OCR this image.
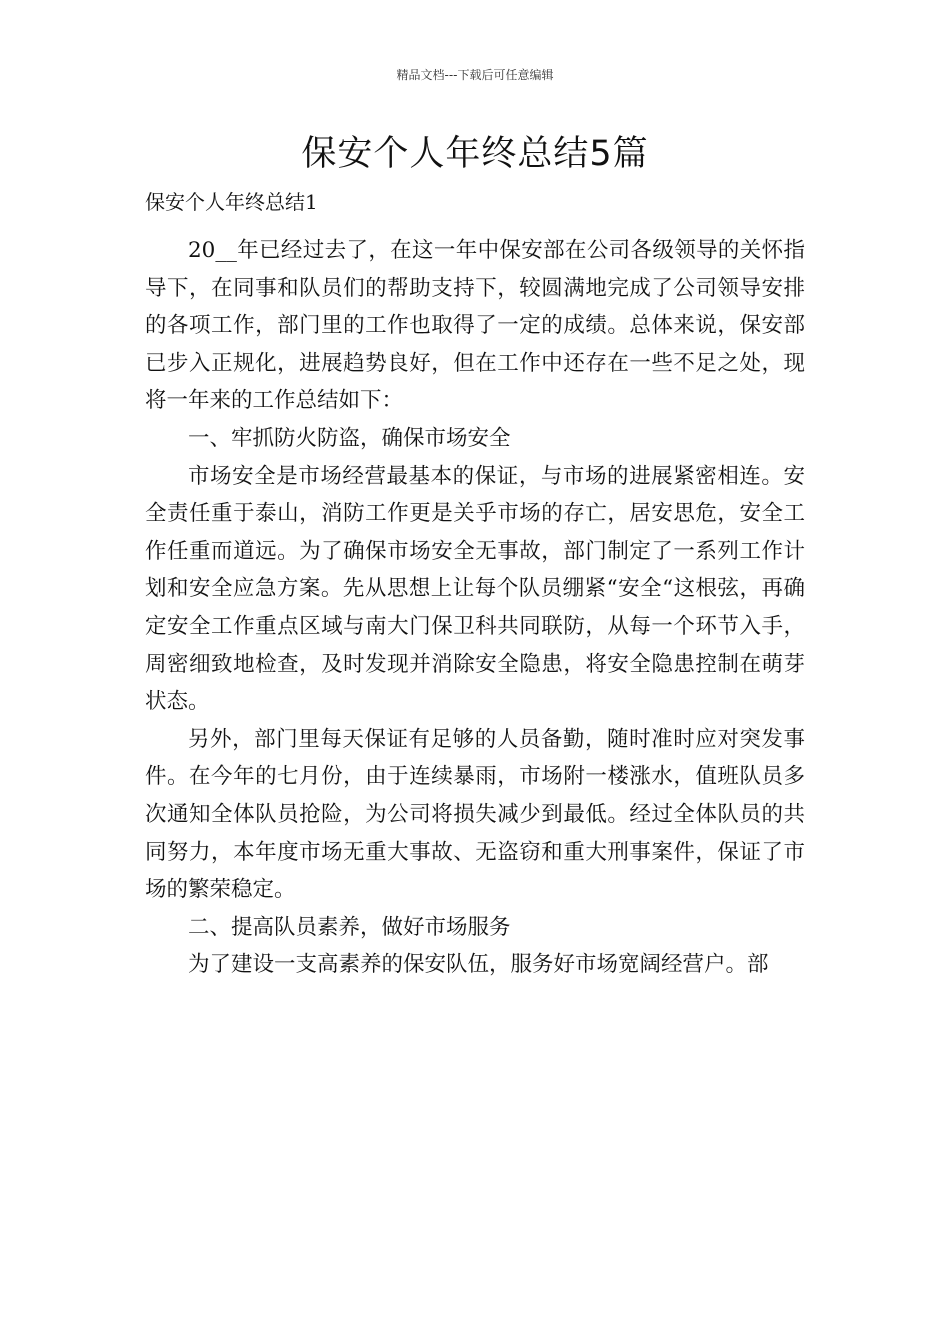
精品文档---下载后可任意编辑
保安个人年终总结5篇

保安个人年终总结1

20__年已经过去了，在这一年中保安部在公司各级领导的关怀指导下，在同事和队员们的帮助支持下，较圆满地完成了公司领导安排的各项工作，部门里的工作也取得了一定的成绩。总体来说，保安部已步入正规化，进展趋势良好，但在工作中还存在一些不足之处，现将一年来的工作总结如下：

一、牢抓防火防盗，确保市场安全

市场安全是市场经营最基本的保证，与市场的进展紧密相连。安全责任重于泰山，消防工作更是关乎市场的存亡，居安思危，安全工作任重而道远。为了确保市场安全无事故，部门制定了一系列工作计划和安全应急方案。先从思想上让每个队员绷紧“安全“这根弦，再确定安全工作重点区域与南大门保卫科共同联防，从每一个环节入手，周密细致地检查，及时发现并消除安全隐患，将安全隐患控制在萌芽状态。

另外，部门里每天保证有足够的人员备勤，随时准时应对突发事件。在今年的七月份，由于连续暴雨，市场附一楼涨水，值班队员多次通知全体队员抢险，为公司将损失减少到最低。经过全体队员的共同努力，本年度市场无重大事故、无盗窃和重大刑事案件，保证了市场的繁荣稳定。

二、提高队员素养，做好市场服务

为了建设一支高素养的保安队伍，服务好市场宽阔经营户。部
